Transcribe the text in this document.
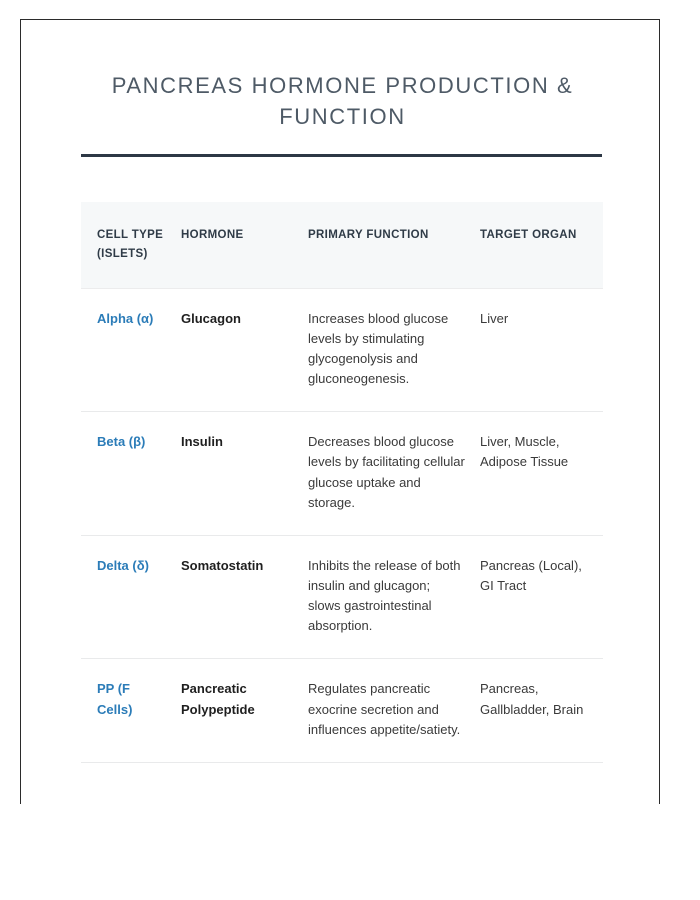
PANCREAS HORMONE PRODUCTION & FUNCTION
CELL TYPE (ISLETS)	HORMONE	PRIMARY FUNCTION	TARGET ORGAN
Alpha (α)	Glucagon	Increases blood glucose levels by stimulating glycogenolysis and gluconeogenesis.	Liver
Beta (β)	Insulin	Decreases blood glucose levels by facilitating cellular glucose uptake and storage.	Liver, Muscle, Adipose Tissue
Delta (δ)	Somatostatin	Inhibits the release of both insulin and glucagon; slows gastrointestinal absorption.	Pancreas (Local), GI Tract
PP (F Cells)	Pancreatic Polypeptide	Regulates pancreatic exocrine secretion and influences appetite/satiety.	Pancreas, Gallbladder, Brain
